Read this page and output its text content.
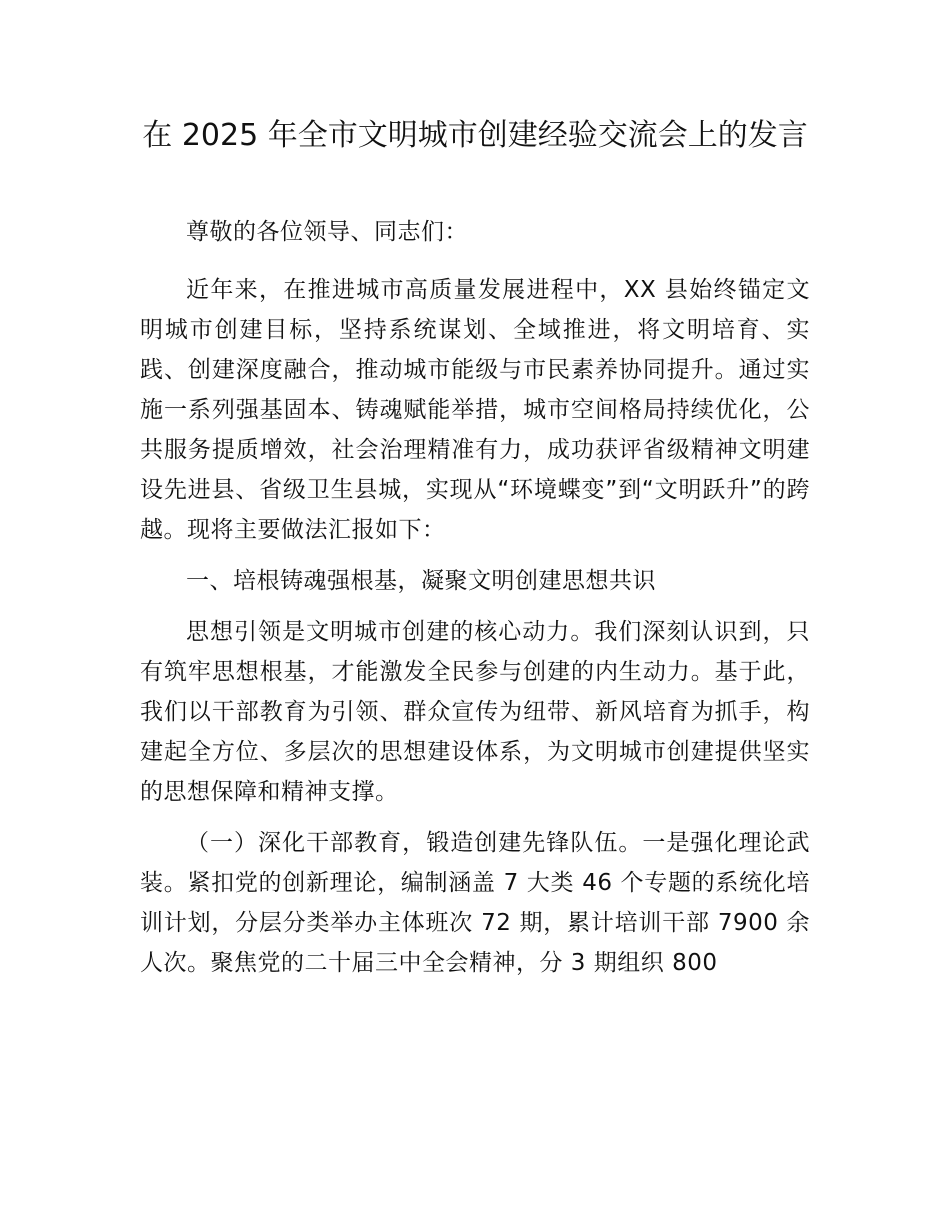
在 2025 年全市文明城市创建经验交流会上的发言

尊敬的各位领导、同志们：

近年来，在推进城市高质量发展进程中，XX 县始终锚定文明城市创建目标，坚持系统谋划、全域推进，将文明培育、实践、创建深度融合，推动城市能级与市民素养协同提升。通过实施一系列强基固本、铸魂赋能举措，城市空间格局持续优化，公共服务提质增效，社会治理精准有力，成功获评省级精神文明建设先进县、省级卫生县城，实现从“环境蝶变”到“文明跃升”的跨越。现将主要做法汇报如下：

一、培根铸魂强根基，凝聚文明创建思想共识

思想引领是文明城市创建的核心动力。我们深刻认识到，只有筑牢思想根基，才能激发全民参与创建的内生动力。基于此，我们以干部教育为引领、群众宣传为纽带、新风培育为抓手，构建起全方位、多层次的思想建设体系，为文明城市创建提供坚实的思想保障和精神支撑。

（一）深化干部教育，锻造创建先锋队伍。一是强化理论武装。紧扣党的创新理论，编制涵盖 7 大类 46 个专题的系统化培训计划，分层分类举办主体班次 72 期，累计培训干部 7900 余人次。聚焦党的二十届三中全会精神，分 3 期组织 800
